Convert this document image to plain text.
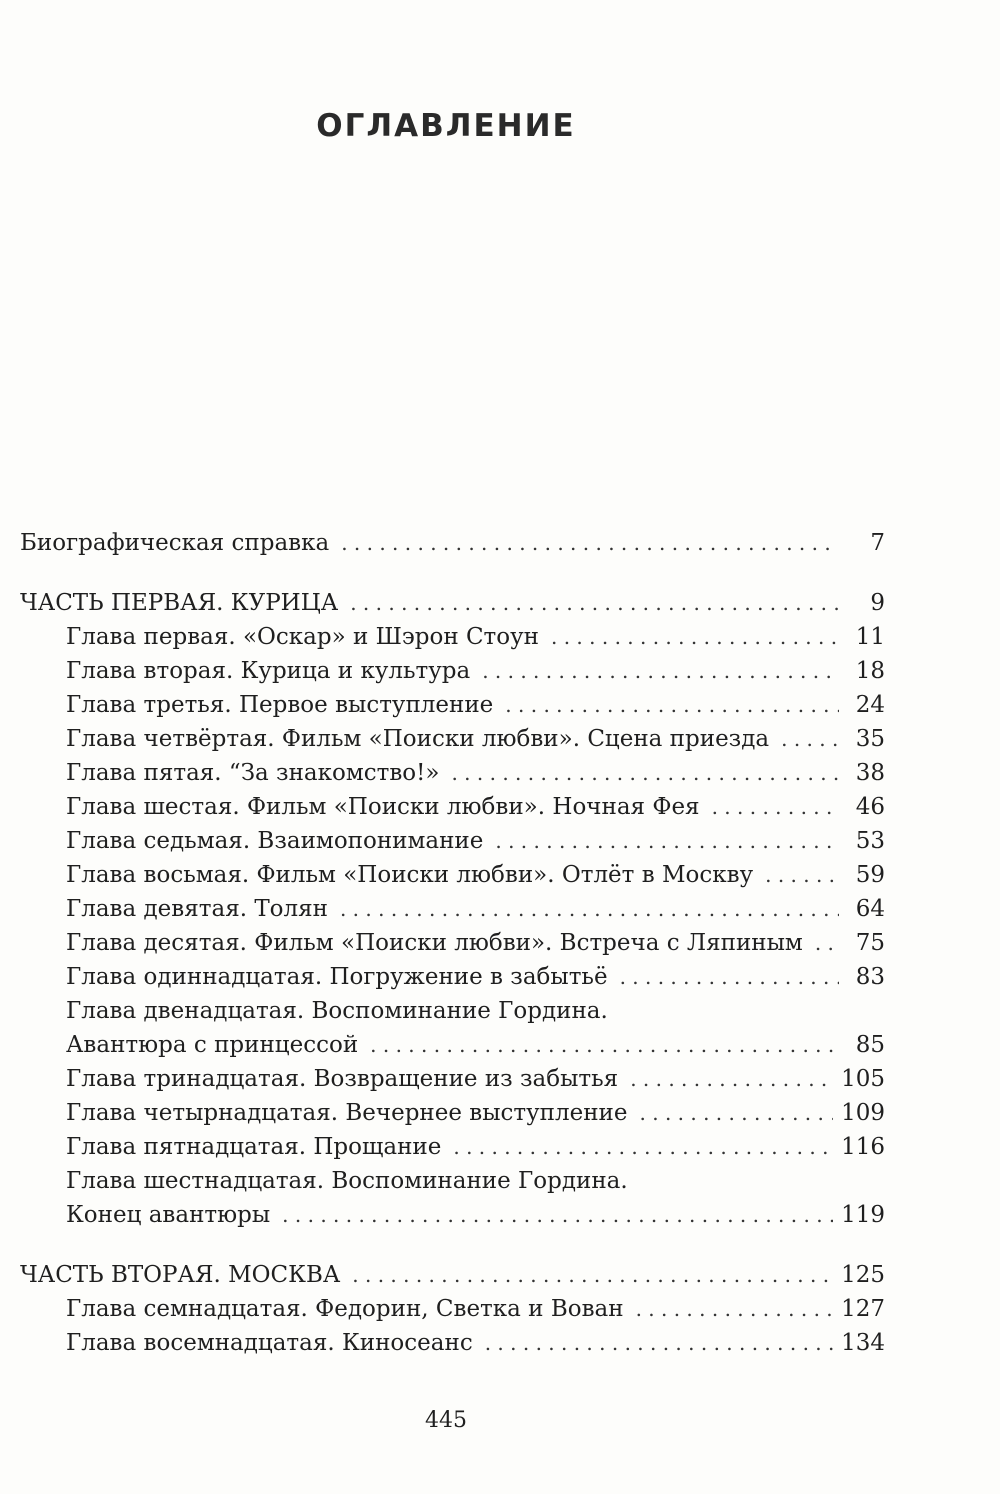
ОГЛАВЛЕНИЕ
Биографическая справка . . .	7
ЧАСТЬ ПЕРВАЯ. КУРИЦА . . .	9
Глава первая. «Оскар» и Шэрон Стоун . . .	11
Глава вторая. Курица и культура . . .	18
Глава третья. Первое выступление . . .	24
Глава четвёртая. Фильм «Поиски любви». Сцена приезда . . .	35
Глава пятая. “За знакомство!» . . .	38
Глава шестая. Фильм «Поиски любви». Ночная Фея . . .	46
Глава седьмая. Взаимопонимание . . .	53
Глава восьмая. Фильм «Поиски любви». Отлёт в Москву . . .	59
Глава девятая. Толян . . .	64
Глава десятая. Фильм «Поиски любви». Встреча с Ляпиным . . .	75
Глава одиннадцатая. Погружение в забытьё . . .	83
Глава двенадцатая. Воспоминание Гордина.
Авантюра с принцессой . . .	85
Глава тринадцатая. Возвращение из забытья . . .	105
Глава четырнадцатая. Вечернее выступление . . .	109
Глава пятнадцатая. Прощание . . .	116
Глава шестнадцатая. Воспоминание Гордина.
Конец авантюры . . .	119
ЧАСТЬ ВТОРАЯ. МОСКВА . . .	125
Глава семнадцатая. Федорин, Светка и Вован . . .	127
Глава восемнадцатая. Киносеанс . . .	134
445
